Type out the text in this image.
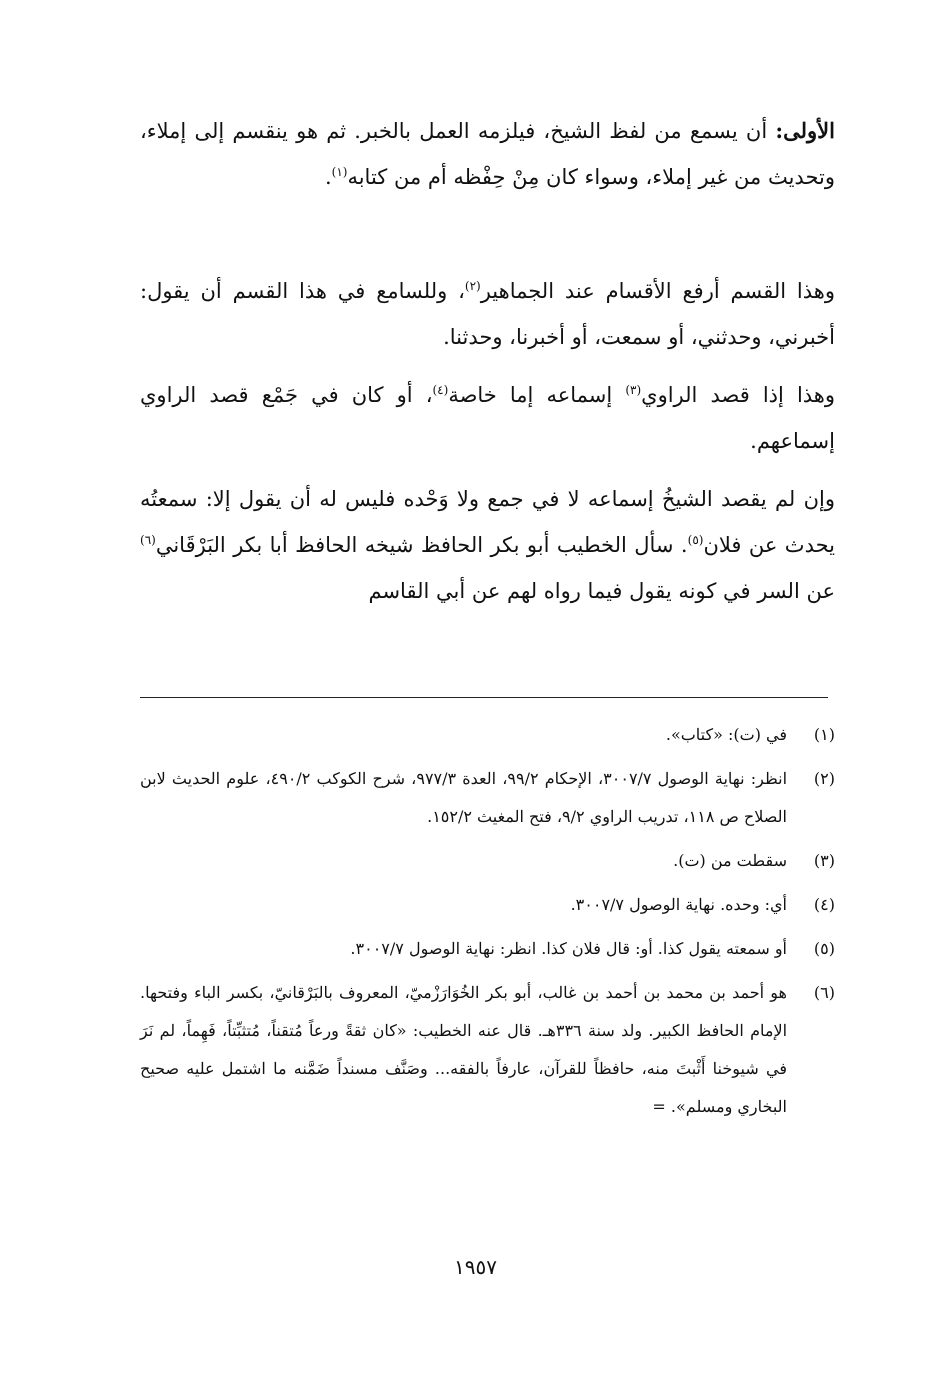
الأولى: أن يسمع من لفظ الشيخ، فيلزمه العمل بالخبر. ثم هو ينقسم إلى إملاء، وتحديث من غير إملاء، وسواء كان مِنْ حِفْظه أم من كتابه$^{(١)}$.

وهذا القسم أرفع الأقسام عند الجماهير$^{(٢)}$، وللسامع في هذا القسم أن يقول: أخبرني، وحدثني، أو سمعت، أو أخبرنا، وحدثنا.

وهذا إذا قصد الراوي$^{(٣)}$ إسماعه إما خاصة$^{(٤)}$، أو كان في جَمْع قصد الراوي إسماعهم.

وإن لم يقصد الشيخُ إسماعه لا في جمع ولا وَحْده فليس له أن يقول إلا: سمعتُه يحدث عن فلان$^{(٥)}$. سأل الخطيب أبو بكر الحافظ شيخه الحافظ أبا بكر البَرْقَاني$^{(٦)}$ عن السر في كونه يقول فيما رواه لهم عن أبي القاسم

(١)
في (ت): «كتاب».
(٢)
انظر: نهاية الوصول ٣٠٠٧/٧، الإحكام ٩٩/٢، العدة ٩٧٧/٣، شرح الكوكب ٤٩٠/٢، علوم الحديث لابن الصلاح ص ١١٨، تدريب الراوي ٩/٢، فتح المغيث ١٥٢/٢.
(٣)
سقطت من (ت).
(٤)
أي: وحده. نهاية الوصول ٣٠٠٧/٧.
(٥)
أو سمعته يقول كذا. أو: قال فلان كذا. انظر: نهاية الوصول ٣٠٠٧/٧.
(٦)
هو أحمد بن محمد بن أحمد بن غالب، أبو بكر الخُوَارَزْميّ، المعروف بالبَرْقانيّ، بكسر الباء وفتحها. الإمام الحافظ الكبير. ولد سنة ٣٣٦هـ. قال عنه الخطيب: «كان ثقةً ورعاً مُتقناً، مُتثبِّتاً، فَهِماً، لم نَرَ في شيوخنا أَثْبتَ منه، حافظاً للقرآن، عارفاً بالفقه... وصَنَّف مسنداً ضَمَّنه ما اشتمل عليه صحيح البخاري ومسلم». =
١٩٥٧
